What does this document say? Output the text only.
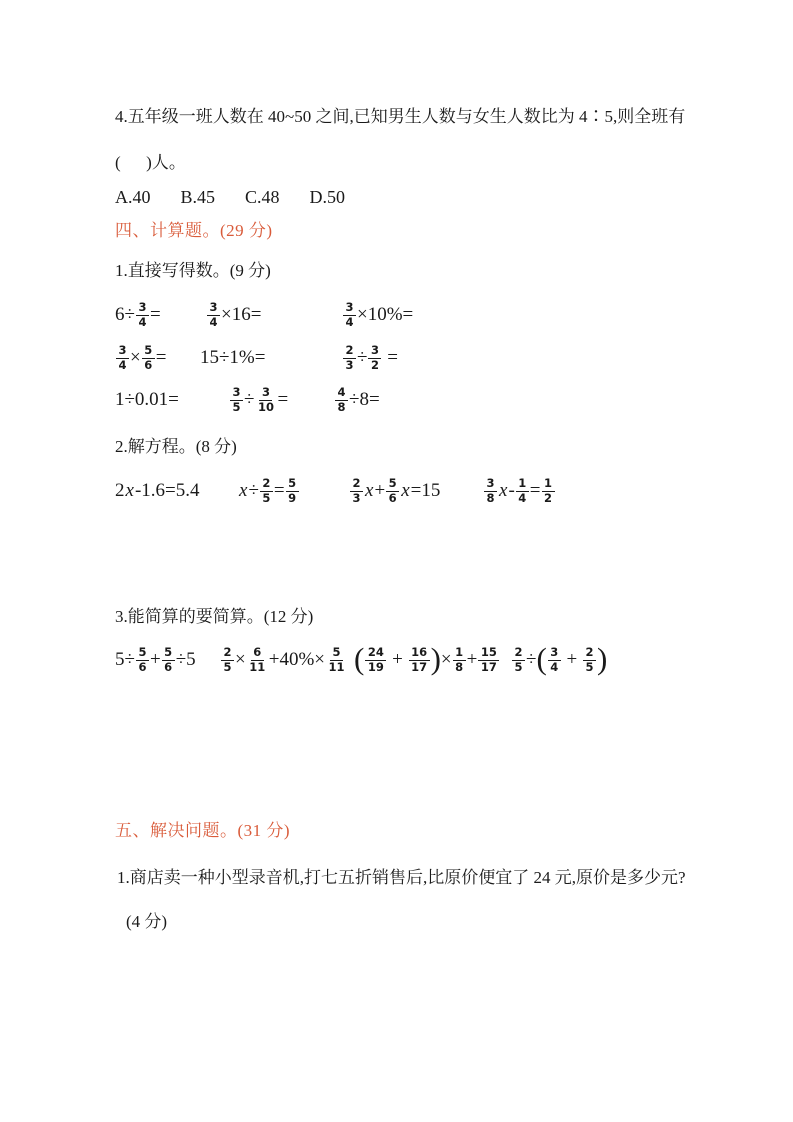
4.五年级一班人数在 40~50 之间,已知男生人数与女生人数比为 4∶5,则全班有
(      )人。
A.40 B.45 C.48 D.50
四、计算题。(29 分)
1.直接写得数。(9 分)
$6\div \frac{3}{4}$ =	$\frac{3}{4} \times 16=$	$\frac{3}{4} \times 10\%=$
$\frac{3}{4} \times \frac{5}{6} = 15\div 1\%=$	$\frac{2}{3} \div \frac{3}{2}$ =
1÷0.01=	$\frac{3}{5} \div \frac{3}{10}$ =	$\frac{4}{8} \div 8=$
2.解方程。(8 分)
2 x -1.6=5.4 $x \div \frac{2}{5} = \frac{5}{9}$	$\frac{2}{3}$ $x + \frac{5}{6}$ x =15	$\frac{3}{8}$ $x - \frac{1}{4} = \frac{1}{2}$
3.能简算的要简算。(12 分)
$5\div \frac{5}{6} + \frac{5}{6} \div 5 \frac{2}{5} \times \frac{6}{11} +40\%\times \frac{5}{11}$ ( $\frac{24}{19} + \frac{16}{17}$ ) × $\frac{1}{8} + \frac{15}{17} \frac{2}{5}$ ÷ ( $\frac{3}{4} + \frac{2}{5}$ )
五、解决问题。(31 分)
1.商店卖一种小型录音机,打七五折销售后,比原价便宜了 24 元,原价是多少元?
(4 分)
